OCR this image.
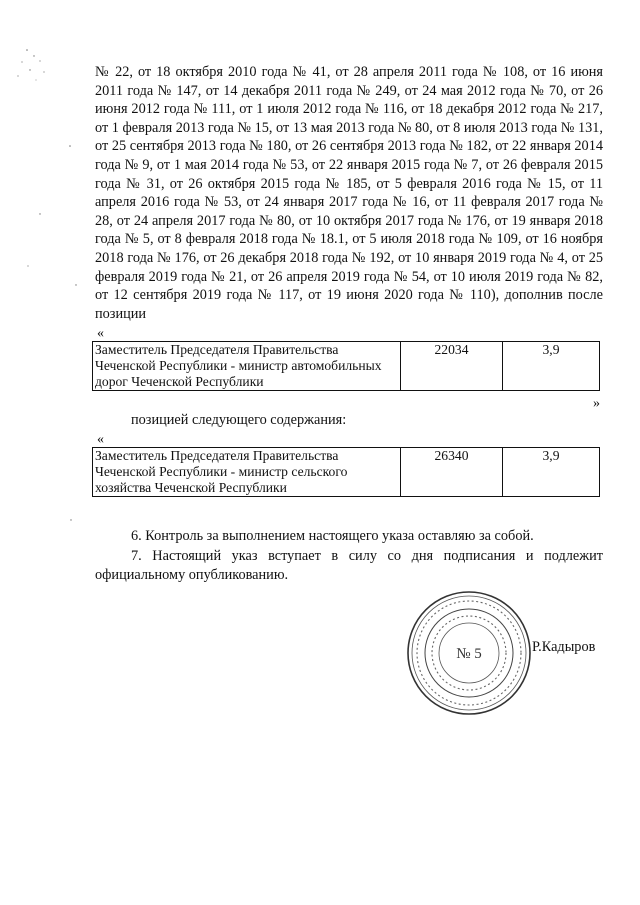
№ 22, от 18 октября 2010 года № 41, от 28 апреля 2011 года № 108, от 16 июня 2011 года № 147, от 14 декабря 2011 года № 249, от 24 мая 2012 года № 70, от 26 июня 2012 года № 111, от 1 июля 2012 года № 116, от 18 декабря 2012 года № 217, от 1 февраля 2013 года № 15, от 13 мая 2013 года № 80, от 8 июля 2013 года № 131, от 25 сентября 2013 года № 180, от 26 сентября 2013 года № 182, от 22 января 2014 года № 9, от 1 мая 2014 года № 53, от 22 января 2015 года № 7, от 26 февраля 2015 года № 31, от 26 октября 2015 года № 185, от 5 февраля 2016 года № 15, от 11 апреля 2016 года № 53, от 24 января 2017 года № 16, от 11 февраля 2017 года № 28, от 24 апреля 2017 года № 80, от 10 октября 2017 года № 176, от 19 января 2018 года № 5, от 8 февраля 2018 года № 18.1, от 5 июля 2018 года № 109, от 16 ноября 2018 года № 176, от 26 декабря 2018 года № 192, от 10 января 2019 года № 4, от 25 февраля 2019 года № 21, от 26 апреля 2019 года № 54, от 10 июля 2019 года № 82, от 12 сентября 2019 года № 117, от 19 июня 2020 года № 110), дополнив после позиции

«

Заместитель Председателя Правительства Чеченской Республики - министр автомобильных дорог Чеченской Республики	22034	3,9

»

позицией следующего содержания:

«

Заместитель Председателя Правительства Чеченской Республики - министр сельского хозяйства Чеченской Республики	26340	3,9

6. Контроль за выполнением настоящего указа оставляю за собой.

7. Настоящий указ вступает в силу со дня подписания и подлежит официальному опубликованию.

№ 5	Р.Кадыров
